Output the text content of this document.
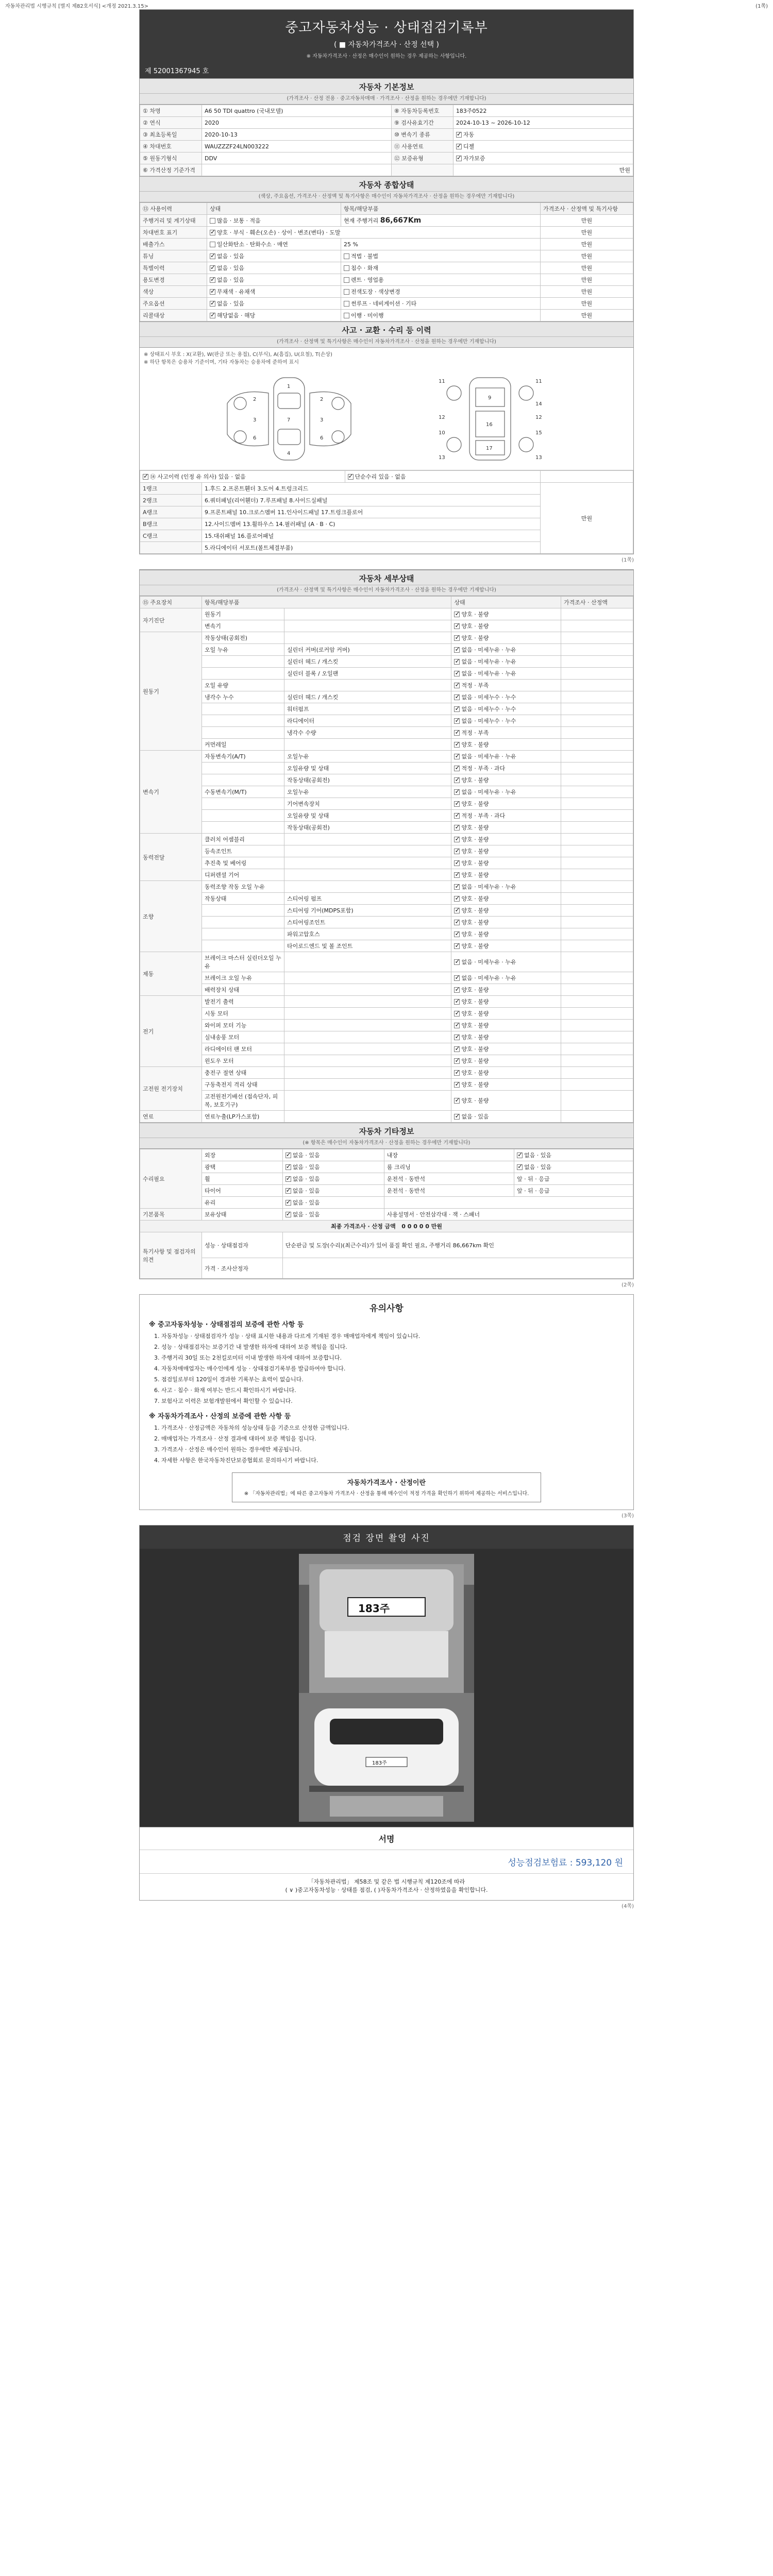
자동차관리법 시행규칙 [별지 제82호서식] <개정 2021.3.15>	(1쪽)
중고자동차성능 · 상태점검기록부
( ■ 자동차가격조사 · 산정 선택 )
※ 자동차가격조사 · 산정은 매수인이 원하는 경우 제공하는 사항입니다.
제 52001367945 호
자동차 기본정보
(가격조사 · 산정 전용 · 중고자동차매매 · 가격조사 · 산정을 원하는 경우에만 기재합니다)
① 차명	A6 50 TDI quattro (국내모델)	⑧ 자동차등록번호	183주0522
② 연식	2020	⑨ 검사유효기간	2024-10-13 ~ 2026-10-12
③ 최초등록일	2020-10-13	⑩ 변속기 종류	✓자동
④ 차대번호	WAUZZZF24LN003222	⑪ 사용연료	✓디젤
⑤ 원동기형식	DDV	⑫ 보증유형	✓자가보증
⑥ 가격산정 기준가격			만원
자동차 종합상태
(색상, 주요옵션, 가격조사 · 산정액 및 특기사항은 매수인이 자동차가격조사 · 산정을 원하는 경우에만 기재합니다)
⑬ 사용이력	상태	항목/해당부품	가격조사 · 산정액 및 특기사항
주행거리 및 계기상태	많음 · 보통 · 적음	현재 주행거리 86,667Km	만원
차대번호 표기	✓양호 · 부식 · 훼손(오손) · 상이 · 변조(변타) · 도말		만원
배출가스	일산화탄소 · 탄화수소 · 매연	25 %	만원
튜닝	✓없음 · 있음	적법 · 불법	만원
특별이력	✓없음 · 있음	침수 · 화재	만원
용도변경	✓없음 · 있음	렌트 · 영업용	만원
색상	✓무채색 · 유채색	전색도장 · 색상변경	만원
주요옵션	✓없음 · 있음	썬루프 · 네비게이션 · 기타	만원
리콜대상	✓해당없음 · 해당	이행 · 미이행	만원
사고 · 교환 · 수리 등 이력
(가격조사 · 산정액 및 특기사항은 매수인이 자동차가격조사 · 산정을 원하는 경우에만 기재합니다)
※ 상태표시 부호 : X(교환), W(판금 또는 용접), C(부식), A(흠집), U(요철), T(손상)
※ 하단 항목은 승용차 기준이며, 기타 자동차는 승용차에 준하여 표시
1
2	2
3	3
7
6	6
4
11	11
9
12	12
16
13	13
17
14
15
10
✓⑭ 사고이력 (인정 유 의사) 있음 · 없음	✓단순수리 있음 · 없음	
1랭크	1.후드 2.프론트휀더 3.도어 4.트렁크리드		만원
2랭크	6.쿼터패널(리어휀더) 7.루프패널 8.사이드실패널		
A랭크	9.프론트패널 10.크로스멤버 11.인사이드패널 17.트렁크플로어		
B랭크	12.사이드멤버 13.휠하우스 14.필러패널 (A · B · C)		
C랭크	15.대쉬패널 16.플로어패널		
	5.라디에이터 서포트(볼트체결부품)		
(1쪽)
자동차 세부상태
(가격조사 · 산정액 및 특기사항은 매수인이 자동차가격조사 · 산정을 원하는 경우에만 기재합니다)
⑮ 주요장치	항목/해당부품		상태	가격조사 · 산정액
자기진단	원동기		✓양호 · 불량	
	변속기		✓양호 · 불량	
원동기	작동상태(공회전)		✓양호 · 불량	
	오일 누유	실린더 커버(로커암 커버)	✓없음 · 미세누유 · 누유	
		실린더 헤드 / 개스킷	✓없음 · 미세누유 · 누유	
		실린더 블록 / 오일팬	✓없음 · 미세누유 · 누유	
	오일 유량		✓적정 · 부족	
	냉각수 누수	실린더 헤드 / 개스킷	✓없음 · 미세누수 · 누수	
		워터펌프	✓없음 · 미세누수 · 누수	
		라디에이터	✓없음 · 미세누수 · 누수	
		냉각수 수량	✓적정 · 부족	
	커먼레일		✓양호 · 불량	
변속기	자동변속기(A/T)	오일누유	✓없음 · 미세누유 · 누유	
		오일유량 및 상태	✓적정 · 부족 · 과다	
		작동상태(공회전)	✓양호 · 불량	
	수동변속기(M/T)	오일누유	✓없음 · 미세누유 · 누유	
		기어변속장치	✓양호 · 불량	
		오일유량 및 상태	✓적정 · 부족 · 과다	
		작동상태(공회전)	✓양호 · 불량	
동력전달	클러치 어셈블리		✓양호 · 불량	
	등속조인트		✓양호 · 불량	
	추진축 및 베어링		✓양호 · 불량	
	디퍼렌셜 기어		✓양호 · 불량	
조향	동력조향 작동 오일 누유		✓없음 · 미세누유 · 누유	
	작동상태	스티어링 펌프	✓양호 · 불량	
		스티어링 기어(MDPS포함)	✓양호 · 불량	
		스티어링조인트	✓양호 · 불량	
		파워고압호스	✓양호 · 불량	
		타이로드엔드 및 볼 조인트	✓양호 · 불량	
제동	브레이크 마스터 실린더오일 누유		✓없음 · 미세누유 · 누유	
	브레이크 오일 누유		✓없음 · 미세누유 · 누유	
	배력장치 상태		✓양호 · 불량	
전기	발전기 출력		✓양호 · 불량	
	시동 모터		✓양호 · 불량	
	와이퍼 모터 기능		✓양호 · 불량	
	실내송풍 모터		✓양호 · 불량	
	라디에이터 팬 모터		✓양호 · 불량	
	윈도우 모터		✓양호 · 불량	
고전원 전기장치	충전구 절연 상태		✓양호 · 불량	
	구동축전지 격리 상태		✓양호 · 불량	
	고전원전기배선 (접속단자, 피복, 보호기구)		✓양호 · 불량	
연료	연료누출(LP가스포함)		✓없음 · 있음	
자동차 기타정보
(※ 항목은 매수인이 자동차가격조사 · 산정을 원하는 경우에만 기재합니다)
수리필요	외장	✓없음 · 있음	내장	✓없음 · 있음
	광택	✓없음 · 있음	룸 크리닝	✓없음 · 있음
	휠	✓없음 · 있음	운전석 · 동반석	앞 · 뒤 · 응급
	타이어	✓없음 · 있음	운전석 · 동반석	앞 · 뒤 · 응급
	유리	✓없음 · 있음	
기본품목	보유상태	✓없음 · 있음	사용설명서 · 안전삼각대 · 잭 · 스패너	
최종 가격조사 · 산정 금액 0 0 0 0 0 만원				
특기사항 및 점검자의 의견	성능 · 상태점검자	단순판금 및 도장(수리)(최근수리)가 있어 품질 확인 필요, 주행거리 86,667km 확인		
	가격 · 조사산정자			
(2쪽)
유의사항
※ 중고자동차성능 · 상태점검의 보증에 관한 사항 등
1. 자동차성능 · 상태점검자가 성능 · 상태 표시한 내용과 다르게 기재된 경우 매매업자에게 책임이 있습니다.
2. 성능 · 상태점검자는 보증기간 내 발생한 하자에 대하여 보증 책임을 집니다.
3. 주행거리 30일 또는 2천킬로미터 이내 발생한 하자에 대하여 보증합니다.
4. 자동차매매업자는 매수인에게 성능 · 상태점검기록부를 발급하여야 합니다.
5. 점검일로부터 120일이 경과한 기록부는 효력이 없습니다.
6. 사고 · 침수 · 화재 여부는 반드시 확인하시기 바랍니다.
7. 보험사고 이력은 보험개발원에서 확인할 수 있습니다.
※ 자동차가격조사 · 산정의 보증에 관한 사항 등
1. 가격조사 · 산정금액은 자동차의 성능상태 등을 기준으로 산정한 금액입니다.
2. 매매업자는 가격조사 · 산정 결과에 대하여 보증 책임을 집니다.
3. 가격조사 · 산정은 매수인이 원하는 경우에만 제공됩니다.
4. 자세한 사항은 한국자동차진단보증협회로 문의하시기 바랍니다.
자동차가격조사 · 산정이란

※ 「자동차관리법」에 따른 중고자동차 가격조사 · 산정을 통해 매수인이 적정 가격을 확인하기 위하여 제공하는 서비스입니다.

(3쪽)
점검 장면 촬영 사진
183주
183주
서명
성능점검보험료 : 593,120 원
「자동차관리법」 제58조 및 같은 법 시행규칙 제120조에 따라
( ∨ )중고자동차성능 · 상태를 점검, ( )자동차가격조사 · 산정하였음을 확인합니다.
(4쪽)
